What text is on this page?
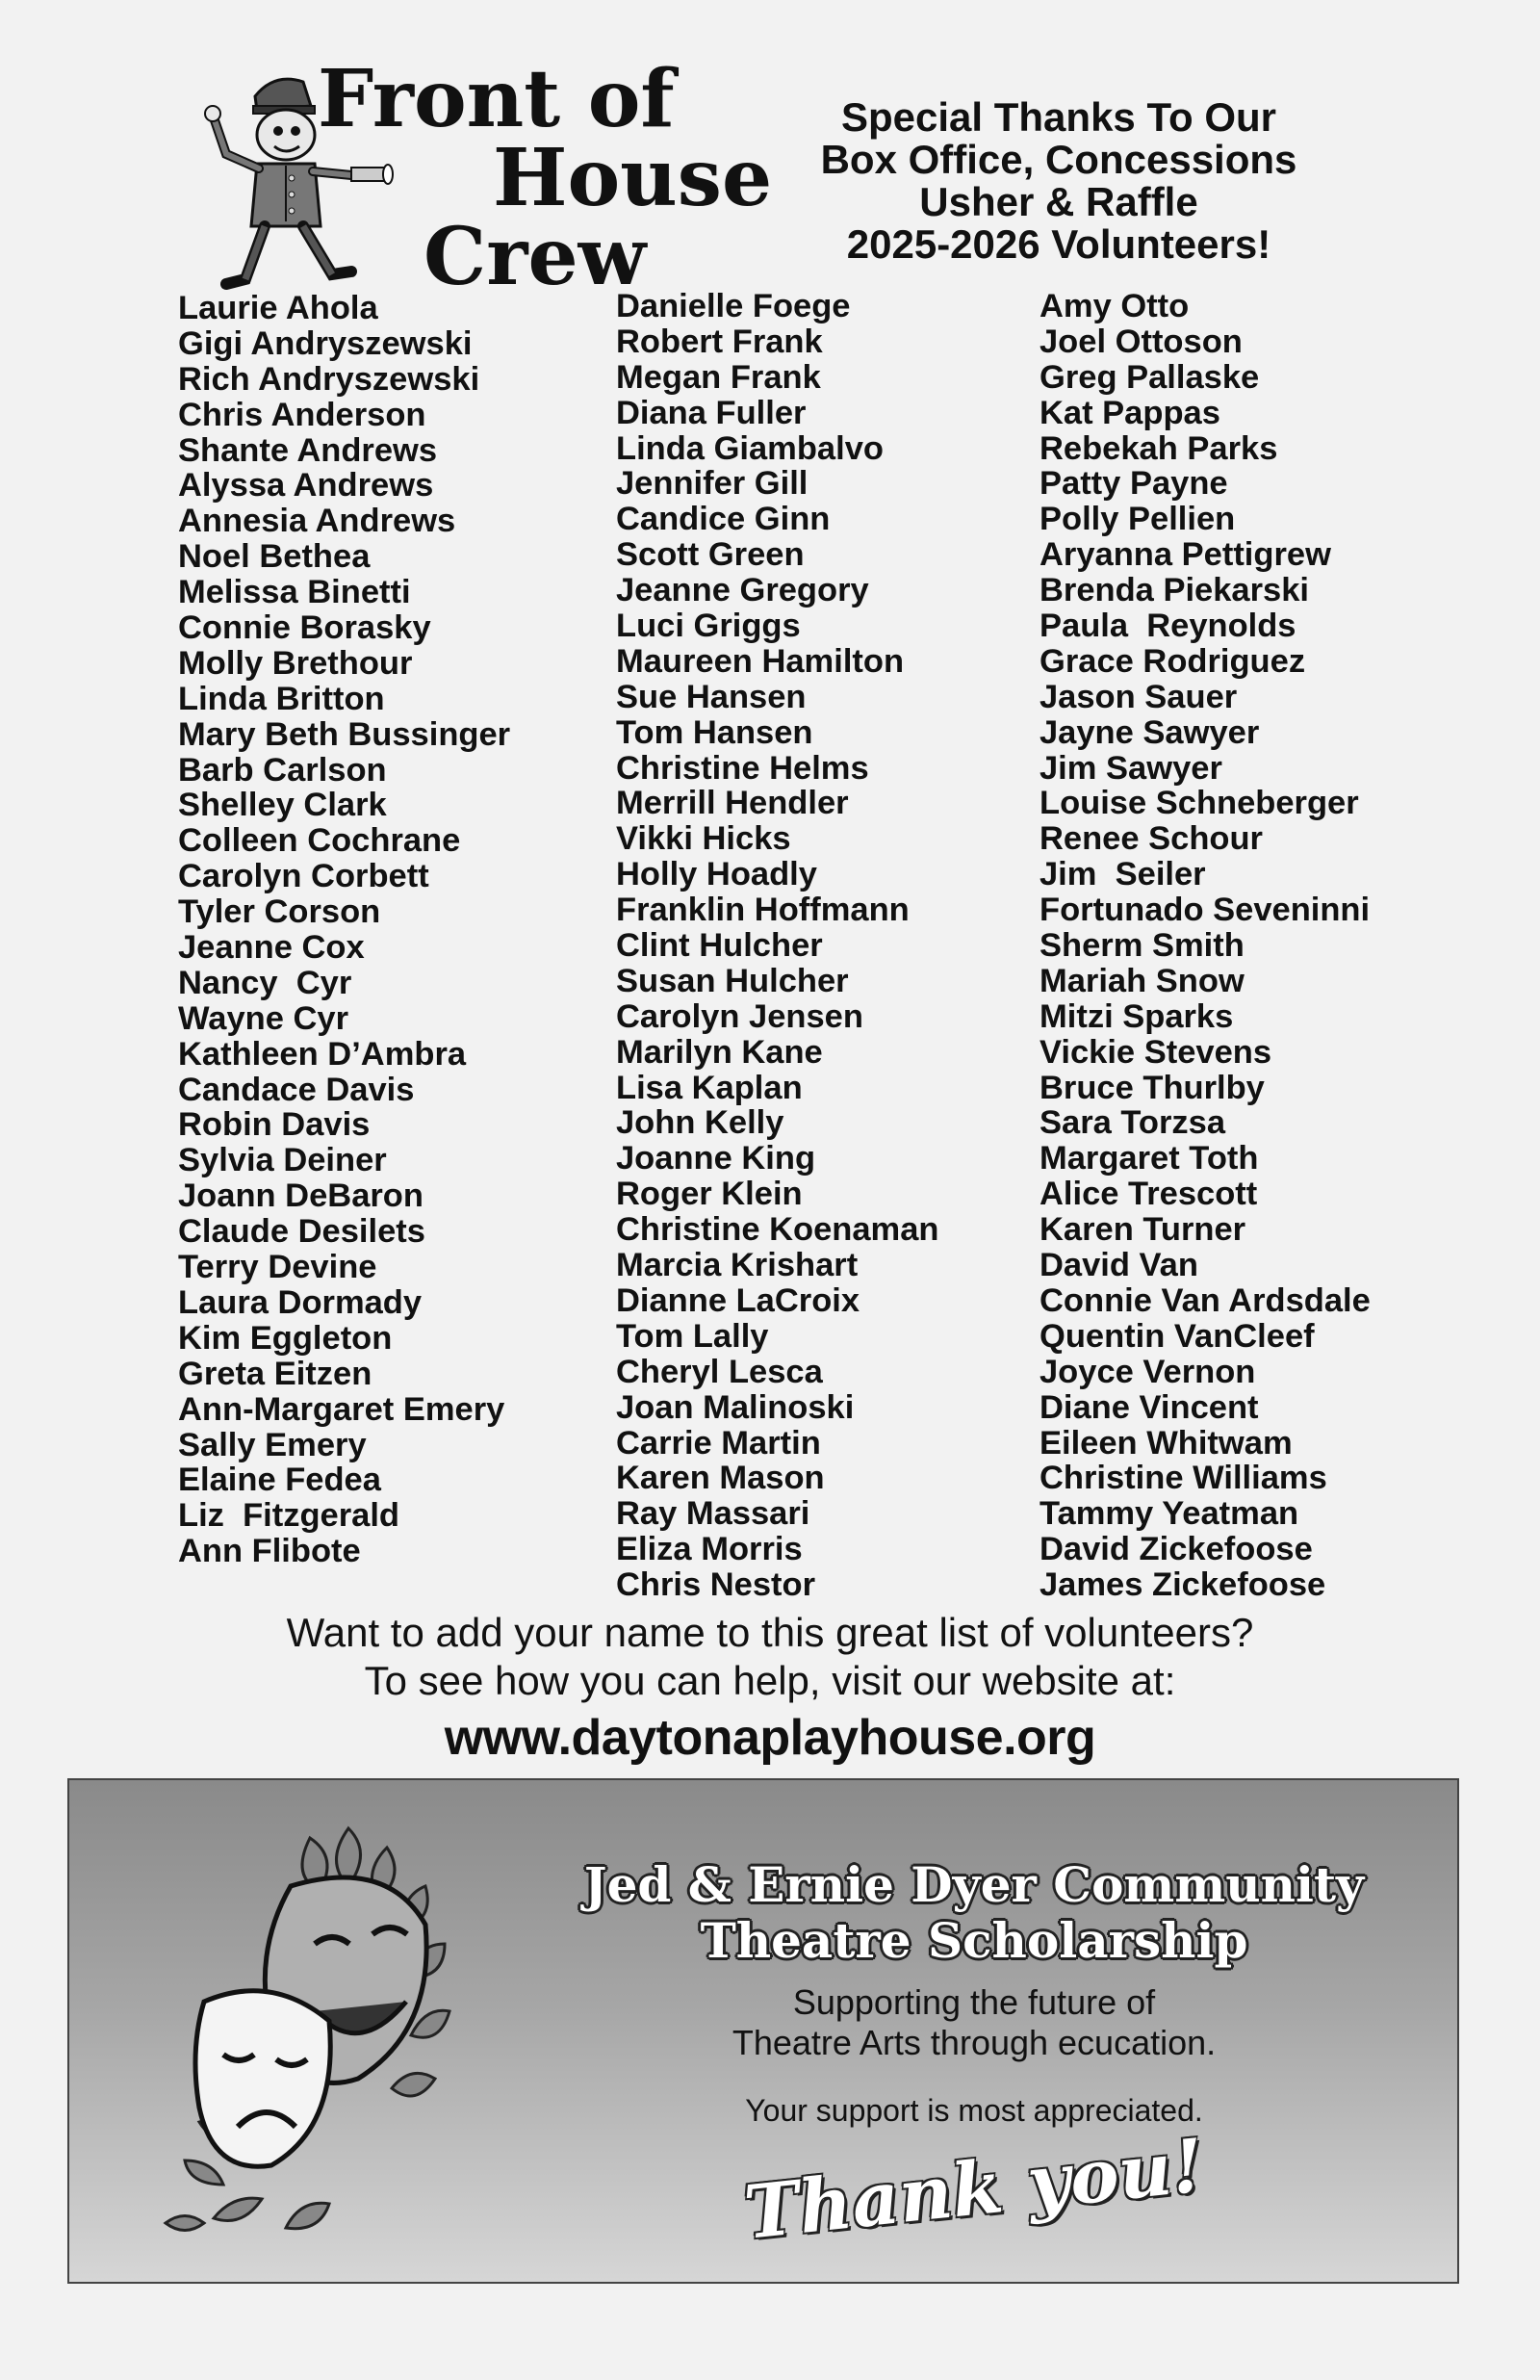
Front of
House
Crew
Special Thanks To Our
Box Office, Concessions
Usher & Raffle
2025-2026 Volunteers!
Laurie Ahola
Gigi Andryszewski
Rich Andryszewski
Chris Anderson
Shante Andrews
Alyssa Andrews
Annesia Andrews
Noel Bethea
Melissa Binetti
Connie Borasky
Molly Brethour
Linda Britton
Mary Beth Bussinger
Barb Carlson
Shelley Clark
Colleen Cochrane
Carolyn Corbett
Tyler Corson
Jeanne Cox
Nancy  Cyr
Wayne Cyr
Kathleen D’Ambra
Candace Davis
Robin Davis
Sylvia Deiner
Joann DeBaron
Claude Desilets
Terry Devine
Laura Dormady
Kim Eggleton
Greta Eitzen
Ann-Margaret Emery
Sally Emery
Elaine Fedea
Liz  Fitzgerald
Ann Flibote
Danielle Foege
Robert Frank
Megan Frank
Diana Fuller
Linda Giambalvo
Jennifer Gill
Candice Ginn
Scott Green
Jeanne Gregory
Luci Griggs
Maureen Hamilton
Sue Hansen
Tom Hansen
Christine Helms
Merrill Hendler
Vikki Hicks
Holly Hoadly
Franklin Hoffmann
Clint Hulcher
Susan Hulcher
Carolyn Jensen
Marilyn Kane
Lisa Kaplan
John Kelly
Joanne King
Roger Klein
Christine Koenaman
Marcia Krishart
Dianne LaCroix
Tom Lally
Cheryl Lesca
Joan Malinoski
Carrie Martin
Karen Mason
Ray Massari
Eliza Morris
Chris Nestor
Amy Otto
Joel Ottoson
Greg Pallaske
Kat Pappas
Rebekah Parks
Patty Payne
Polly Pellien
Aryanna Pettigrew
Brenda Piekarski
Paula  Reynolds
Grace Rodriguez
Jason Sauer
Jayne Sawyer
Jim Sawyer
Louise Schneberger
Renee Schour
Jim  Seiler
Fortunado Seveninni
Sherm Smith
Mariah Snow
Mitzi Sparks
Vickie Stevens
Bruce Thurlby
Sara Torzsa
Margaret Toth
Alice Trescott
Karen Turner
David Van
Connie Van Ardsdale
Quentin VanCleef
Joyce Vernon
Diane Vincent
Eileen Whitwam
Christine Williams
Tammy Yeatman
David Zickefoose
James Zickefoose
Want to add your name to this great list of volunteers?
To see how you can help, visit our website at:
www.daytonaplayhouse.org
Jed & Ernie Dyer Community
Theatre Scholarship
Supporting the future of
Theatre Arts through ecucation.
Your support is most appreciated.
Thank you!
